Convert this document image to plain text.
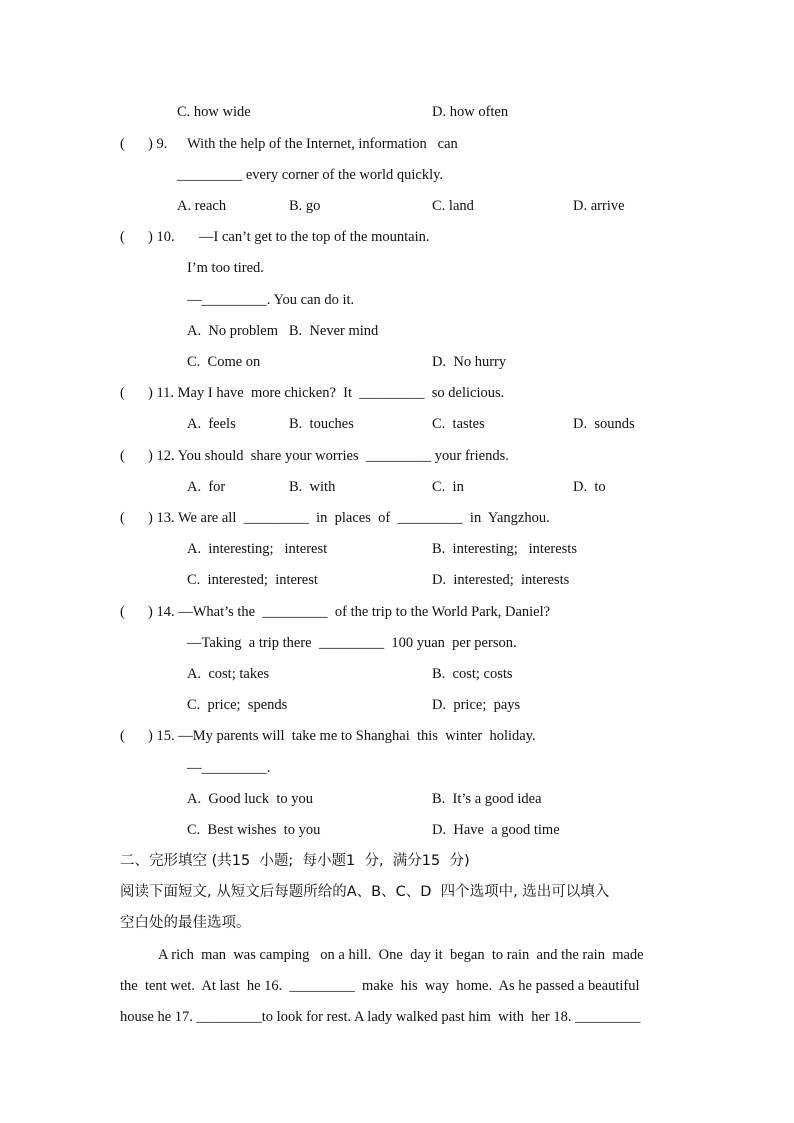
C. how wide	D. how often
( ) 9. With the help of the Internet, information   can
_________ every corner of the world quickly.
A. reach	B. go	C. land	D. arrive
( ) 10. —I can’t get to the top of the mountain.
I’m too tired.
—_________. You can do it.
A.  No problem   B.  Never mind
C.  Come on	D.  No hurry
( ) 11. May I have  more chicken?  It  _________  so delicious.
A.  feels	B.  touches	C.  tastes	D.  sounds
( ) 12. You should  share your worries  _________ your friends.
A.  for	B.  with	C.  in	D.  to
( ) 13. We are all  _________  in  places  of  _________  in  Yangzhou.
A.  interesting;   interest	B.  interesting;   interests
C.  interested;  interest	D.  interested;  interests
( ) 14. —What’s the  _________  of the trip to the World Park, Daniel?
—Taking  a trip there  _________  100 yuan  per person.
A.  cost; takes	B.  cost; costs
C.  price;  spends	D.  price;  pays
( ) 15. —My parents will  take me to Shanghai  this  winter  holiday.
—_________.
A.  Good luck  to you	B.  It’s a good idea
C.  Best wishes  to you	D.  Have  a good time
二、完形填空 (共15  小题;  每小题1  分,  满分15  分)
阅读下面短文, 从短文后每题所给的A、B、C、D  四个选项中, 选出可以填入
空白处的最佳选项。
A rich  man  was camping   on a hill.  One  day it  began  to rain  and the rain  made
the  tent wet.  At last  he 16.  _________  make  his  way  home.  As he passed a beautiful
house he 17. _________to look for rest. A lady walked past him  with  her 18. _________
